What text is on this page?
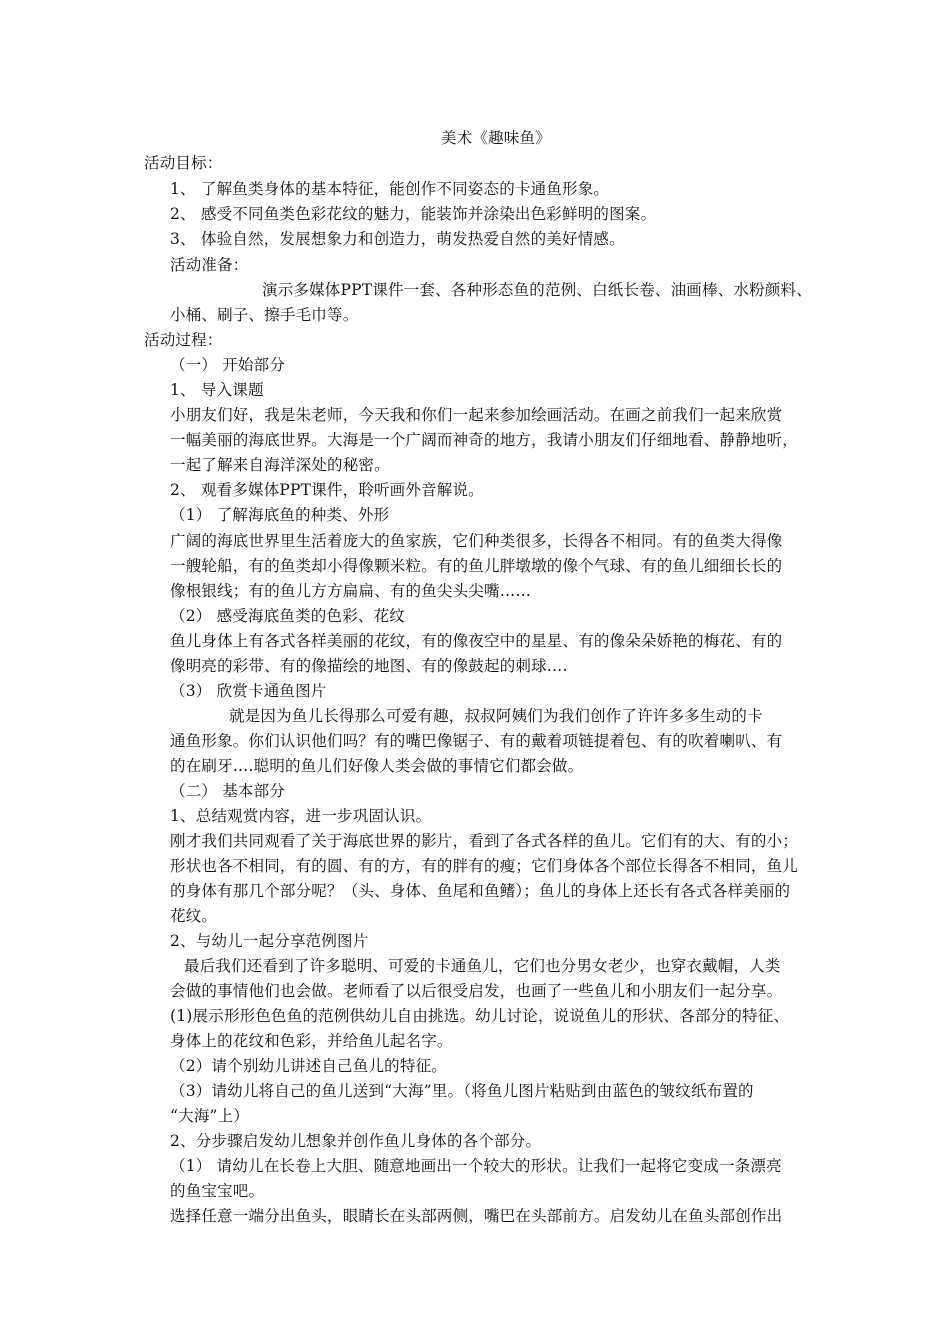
美术《趣味鱼》
活动目标：
1、 了解鱼类身体的基本特征，能创作不同姿态的卡通鱼形象。
2、 感受不同鱼类色彩花纹的魅力，能装饰并涂染出色彩鲜明的图案。
3、 体验自然，发展想象力和创造力，萌发热爱自然的美好情感。
活动准备：
演示多媒体PPT课件一套、各种形态鱼的范例、白纸长卷、油画棒、水粉颜料、
小桶、刷子、擦手毛巾等。
活动过程：
（一） 开始部分
1、 导入课题
小朋友们好，我是朱老师，今天我和你们一起来参加绘画活动。在画之前我们一起来欣赏
一幅美丽的海底世界。大海是一个广阔而神奇的地方，我请小朋友们仔细地看、静静地听，
一起了解来自海洋深处的秘密。
2、 观看多媒体PPT课件，聆听画外音解说。
（1） 了解海底鱼的种类、外形
广阔的海底世界里生活着庞大的鱼家族，它们种类很多，长得各不相同。有的鱼类大得像
一艘轮船，有的鱼类却小得像颗米粒。有的鱼儿胖墩墩的像个气球、有的鱼儿细细长长的
像根银线；有的鱼儿方方扁扁、有的鱼尖头尖嘴……
（2） 感受海底鱼类的色彩、花纹
鱼儿身体上有各式各样美丽的花纹，有的像夜空中的星星、有的像朵朵娇艳的梅花、有的
像明亮的彩带、有的像描绘的地图、有的像鼓起的刺球….
（3） 欣赏卡通鱼图片
就是因为鱼儿长得那么可爱有趣，叔叔阿姨们为我们创作了许许多多生动的卡
通鱼形象。你们认识他们吗？有的嘴巴像锯子、有的戴着项链提着包、有的吹着喇叭、有
的在刷牙….聪明的鱼儿们好像人类会做的事情它们都会做。
（二） 基本部分
1、总结观赏内容，进一步巩固认识。
刚才我们共同观看了关于海底世界的影片，看到了各式各样的鱼儿。它们有的大、有的小；
形状也各不相同，有的圆、有的方，有的胖有的瘦；它们身体各个部位长得各不相同，鱼儿
的身体有那几个部分呢？（头、身体、鱼尾和鱼鳍）；鱼儿的身体上还长有各式各样美丽的
花纹。
2、与幼儿一起分享范例图片
最后我们还看到了许多聪明、可爱的卡通鱼儿，它们也分男女老少，也穿衣戴帽，人类
会做的事情他们也会做。老师看了以后很受启发，也画了一些鱼儿和小朋友们一起分享。
(1)展示形形色色鱼的范例供幼儿自由挑选。幼儿讨论，说说鱼儿的形状、各部分的特征、
身体上的花纹和色彩，并给鱼儿起名字。
（2）请个别幼儿讲述自己鱼儿的特征。
（3）请幼儿将自己的鱼儿送到“大海”里。（将鱼儿图片粘贴到由蓝色的皱纹纸布置的
“大海”上）
2、分步骤启发幼儿想象并创作鱼儿身体的各个部分。
（1） 请幼儿在长卷上大胆、随意地画出一个较大的形状。让我们一起将它变成一条漂亮
的鱼宝宝吧。
选择任意一端分出鱼头，眼睛长在头部两侧，嘴巴在头部前方。启发幼儿在鱼头部创作出
